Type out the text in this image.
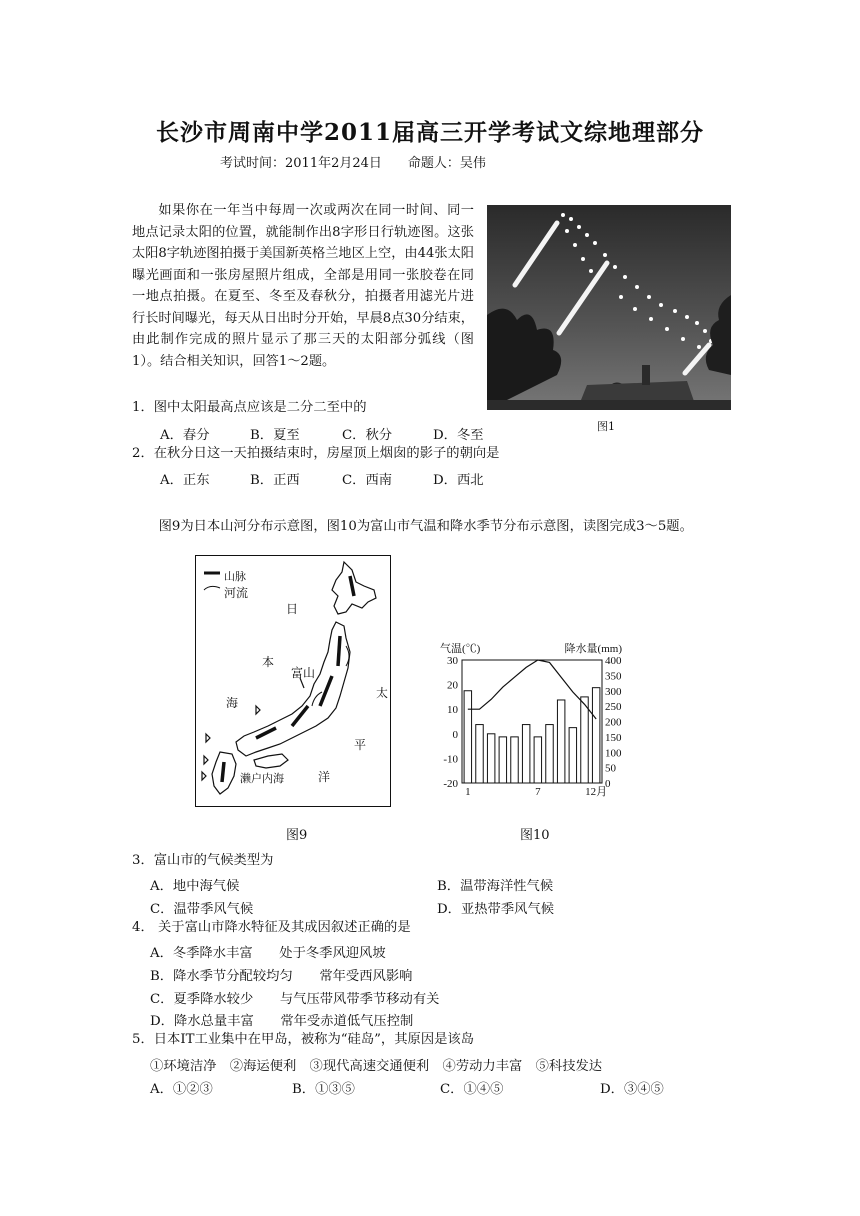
长沙市周南中学2011届高三开学考试文综地理部分
考试时间：2011年2月24日　　命题人：吴伟
如果你在一年当中每周一次或两次在同一时间、同一地点记录太阳的位置，就能制作出8字形日行轨迹图。这张太阳8字轨迹图拍摄于美国新英格兰地区上空，由44张太阳曝光画面和一张房屋照片组成，全部是用同一张胶卷在同一地点拍摄。在夏至、冬至及春秋分，拍摄者用滤光片进行长时间曝光，每天从日出时分开始，早晨8点30分结束，由此制作完成的照片显示了那三天的太阳部分弧线（图1）。结合相关知识，回答1～2题。
图1
1．图中太阳最高点应该是二分二至中的
A．春分	B．夏至	C．秋分	D．冬至
2．在秋分日这一天拍摄结束时，房屋顶上烟囱的影子的朝向是
A．正东	B．正西	C．西南	D．西北
图9为日本山河分布示意图，图10为富山市气温和降水季节分布示意图，读图完成3～5题。
山脉
河流
日
本
海
太
平
洋
富山
濑户内海
气温(℃)	降水量(mm)
30
20
10
0
-10
-20
400
350
300
250
200
150
100
50
0
1	7	12月
图9	图10
3．富山市的气候类型为
A．地中海气候	B．温带海洋性气候
C．温带季风气候	D．亚热带季风气候
4． 关于富山市降水特征及其成因叙述正确的是
A．冬季降水丰富　　处于冬季风迎风坡
B．降水季节分配较均匀　　常年受西风影响
C．夏季降水较少　　与气压带风带季节移动有关
D．降水总量丰富　　常年受赤道低气压控制
5．日本IT工业集中在甲岛，被称为“硅岛”，其原因是该岛
①环境洁净　②海运便利　③现代高速交通便利　④劳动力丰富　⑤科技发达
A．①②③	B．①③⑤	C．①④⑤	D．③④⑤
